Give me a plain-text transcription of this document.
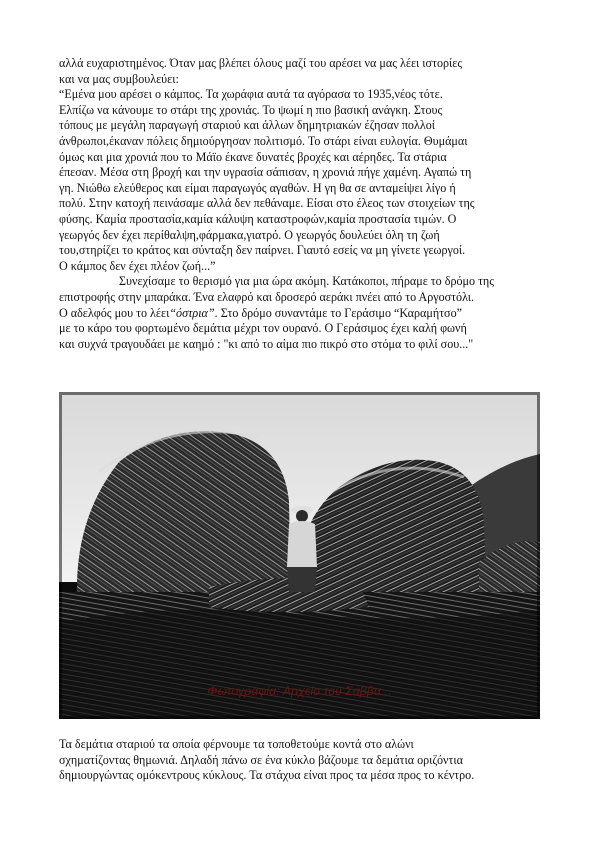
αλλά ευχαριστημένος. Όταν μας βλέπει όλους μαζί του αρέσει να μας λέει ιστορίες
και να μας συμβουλεύει:

“Εμένα μου αρέσει ο κάμπος. Τα χωράφια αυτά τα αγόρασα το 1935,νέος τότε.
Ελπίζω να κάνουμε το στάρι της χρονιάς. Το ψωμί η πιο βασική ανάγκη. Στους
τόπους με μεγάλη παραγωγή σταριού και άλλων δημητριακών έζησαν πολλοί
άνθρωποι,έκαναν πόλεις δημιούργησαν πολιτισμό. Το στάρι είναι ευλογία. Θυμάμαι
όμως και μια χρονιά που το Μάϊο έκανε δυνατές βροχές και αέρηδες. Τα στάρια
έπεσαν. Μέσα στη βροχή και την υγρασία σάπισαν, η χρονιά πήγε χαμένη. Αγαπώ τη
γη. Νιώθω ελεύθερος και είμαι παραγωγός αγαθών. Η γη θα σε ανταμείψει λίγο ή
πολύ. Στην κατοχή πεινάσαμε αλλά δεν πεθάναμε. Είσαι στο έλεος των στοιχείων της
φύσης. Καμία προστασία,καμία κάλυψη καταστροφών,καμία προστασία τιμών. Ο
γεωργός δεν έχει περίθαλψη,φάρμακα,γιατρό. Ο γεωργός δουλεύει όλη τη ζωή
του,στηρίζει το κράτος και σύνταξη δεν παίρνει. Γιαυτό εσείς να μη γίνετε γεωργοί.
Ο κάμπος δεν έχει πλέον ζωή...”

Συνεχίσαμε το θερισμό για μια ώρα ακόμη. Κατάκοποι, πήραμε το δρόμο της
επιστροφής στην μπαράκα. Ένα ελαφρό και δροσερό αεράκι πνέει από το Αργοστόλι.
Ο αδελφός μου το λέει“όστρια”. Στο δρόμο συναντάμε το Γεράσιμο “Καραμήτσο”
με το κάρο του φορτωμένο δεμάτια μέχρι τον ουρανό. Ο Γεράσιμος έχει καλή φωνή
και συχνά τραγουδάει με καημό : "κι από το αίμα πιο πικρό στο στόμα το φιλί σου..."

Φωτογραφία: Αρχείο του Σαββα...

Τα δεμάτια σταριού τα οποία φέρνουμε τα τοποθετούμε κοντά στο αλώνι
σχηματίζοντας θημωνιά. Δηλαδή πάνω σε ένα κύκλο βάζουμε τα δεμάτια οριζόντια
δημιουργώντας ομόκεντρους κύκλους. Τα στάχυα είναι προς τα μέσα προς το κέντρο.
